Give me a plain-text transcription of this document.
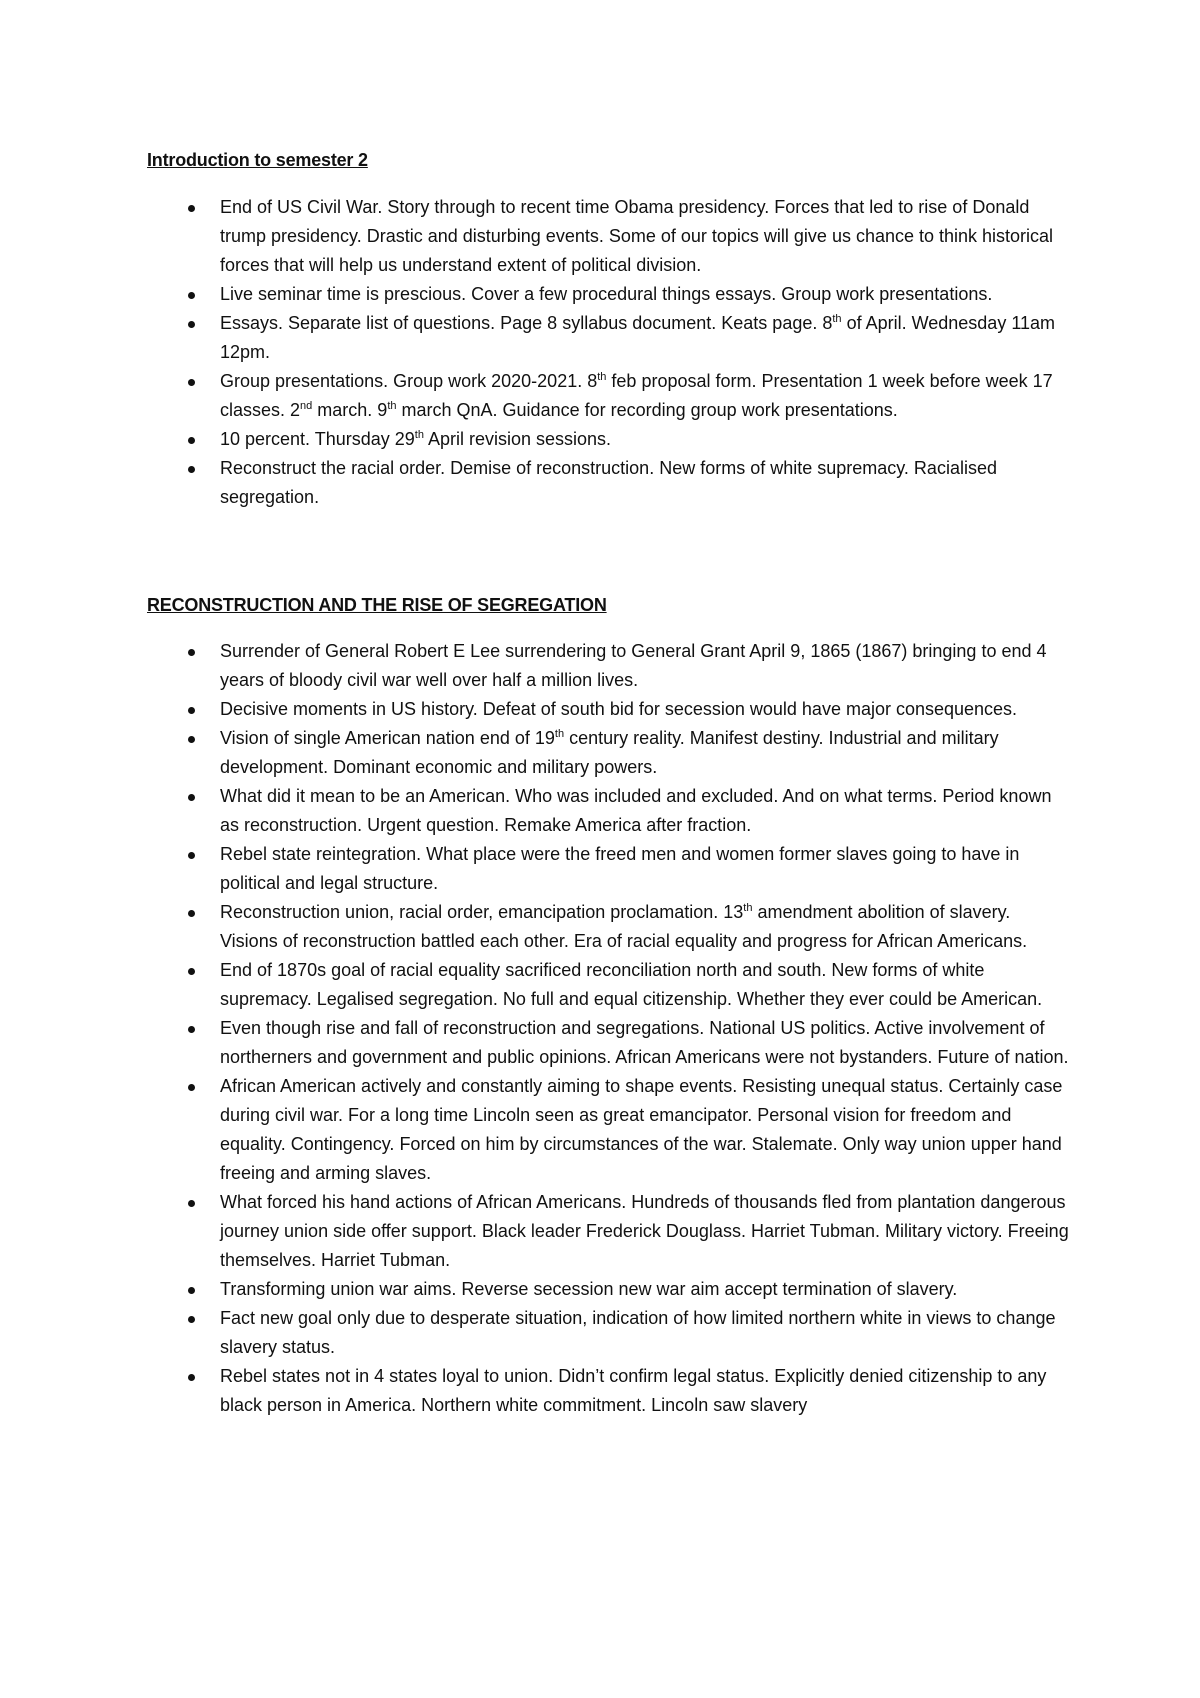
Introduction to semester 2
End of US Civil War. Story through to recent time Obama presidency. Forces that led to rise of Donald trump presidency. Drastic and disturbing events. Some of our topics will give us chance to think historical forces that will help us understand extent of political division.
Live seminar time is prescious. Cover a few procedural things essays. Group work presentations.
Essays. Separate list of questions. Page 8 syllabus document. Keats page. 8th of April. Wednesday 11am 12pm.
Group presentations. Group work 2020-2021. 8th feb proposal form. Presentation 1 week before week 17 classes. 2nd march. 9th march QnA. Guidance for recording group work presentations.
10 percent. Thursday 29th April revision sessions.
Reconstruct the racial order. Demise of reconstruction. New forms of white supremacy. Racialised segregation.
RECONSTRUCTION AND THE RISE OF SEGREGATION
Surrender of General Robert E Lee surrendering to General Grant April 9, 1865 (1867) bringing to end 4 years of bloody civil war well over half a million lives.
Decisive moments in US history. Defeat of south bid for secession would have major consequences.
Vision of single American nation end of 19th century reality. Manifest destiny. Industrial and military development. Dominant economic and military powers.
What did it mean to be an American. Who was included and excluded. And on what terms. Period known as reconstruction. Urgent question. Remake America after fraction.
Rebel state reintegration. What place were the freed men and women former slaves going to have in political and legal structure.
Reconstruction union, racial order, emancipation proclamation. 13th amendment abolition of slavery. Visions of reconstruction battled each other. Era of racial equality and progress for African Americans.
End of 1870s goal of racial equality sacrificed reconciliation north and south. New forms of white supremacy. Legalised segregation. No full and equal citizenship. Whether they ever could be American.
Even though rise and fall of reconstruction and segregations. National US politics. Active involvement of northerners and government and public opinions. African Americans were not bystanders. Future of nation.
African American actively and constantly aiming to shape events. Resisting unequal status. Certainly case during civil war. For a long time Lincoln seen as great emancipator. Personal vision for freedom and equality. Contingency. Forced on him by circumstances of the war. Stalemate. Only way union upper hand freeing and arming slaves.
What forced his hand actions of African Americans. Hundreds of thousands fled from plantation dangerous journey union side offer support. Black leader Frederick Douglass. Harriet Tubman. Military victory. Freeing themselves. Harriet Tubman.
Transforming union war aims. Reverse secession new war aim accept termination of slavery.
Fact new goal only due to desperate situation, indication of how limited northern white in views to change slavery status.
Rebel states not in 4 states loyal to union. Didn’t confirm legal status. Explicitly denied citizenship to any black person in America. Northern white commitment. Lincoln saw slavery
